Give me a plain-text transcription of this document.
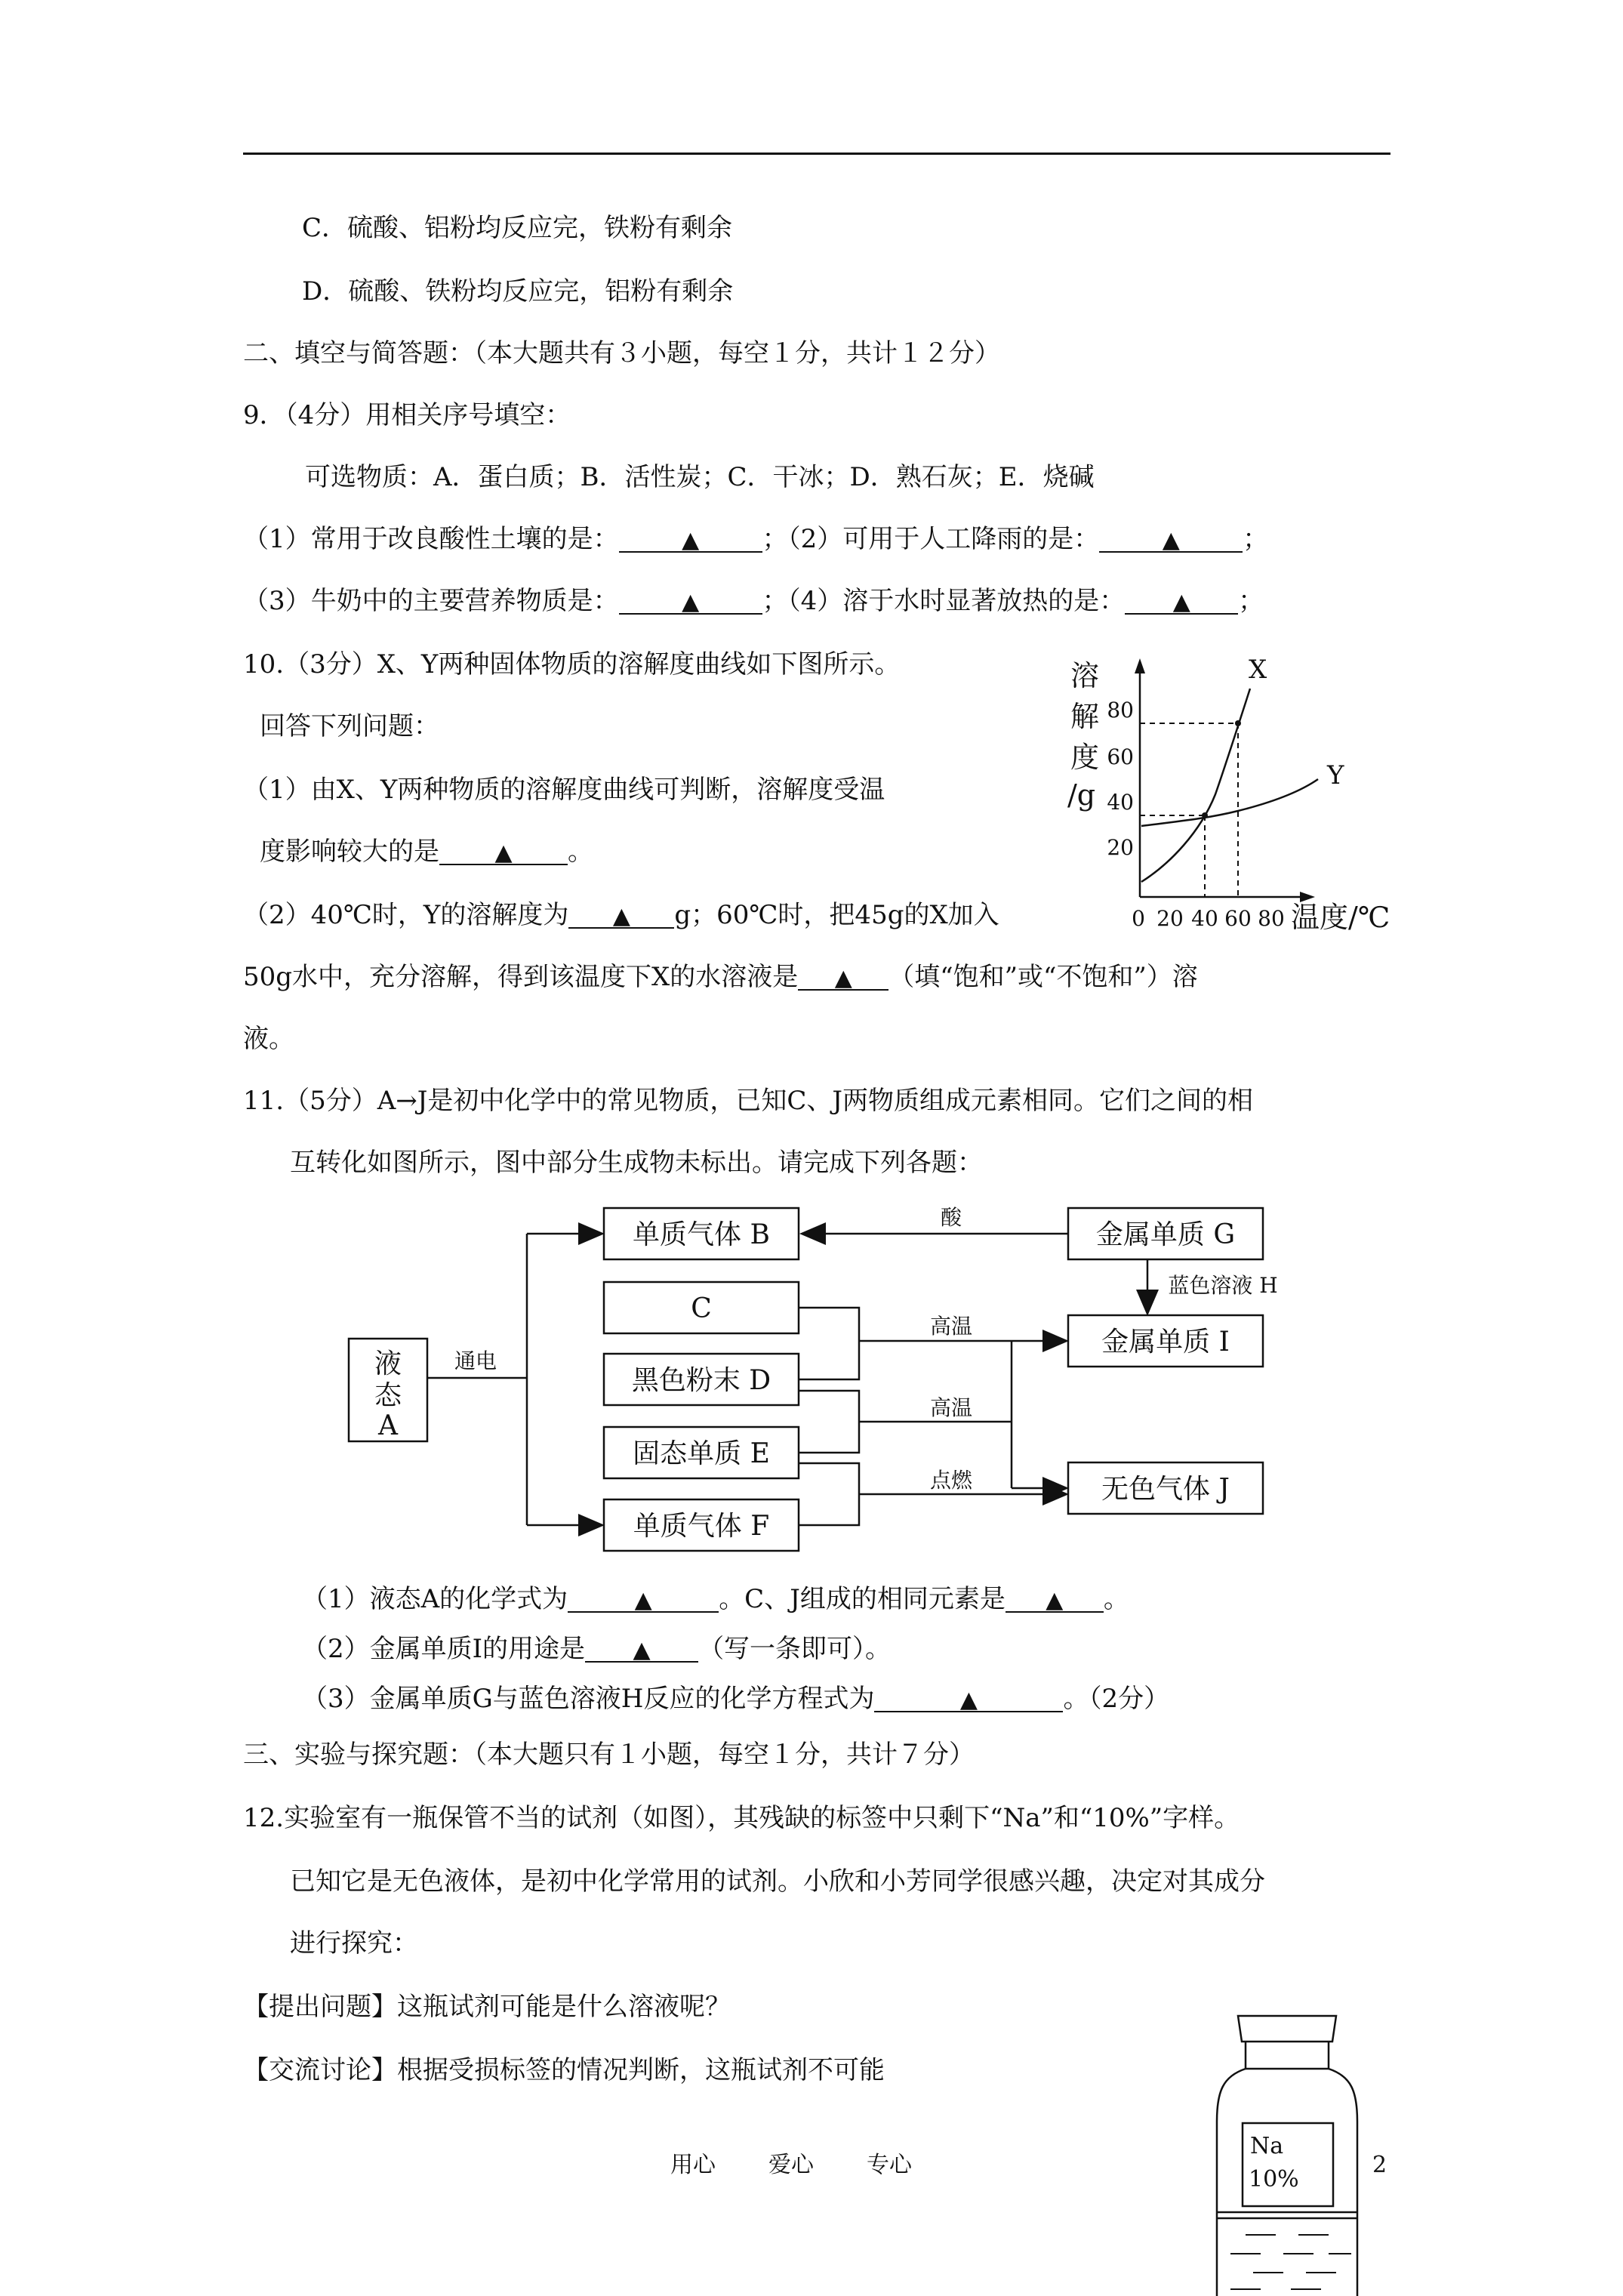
C．硫酸、铝粉均反应完，铁粉有剩余
D．硫酸、铁粉均反应完，铝粉有剩余
二、填空与简答题：（本大题共有３小题，每空１分，共计１２分）
9．（4分）用相关序号填空：
可选物质：A．蛋白质；B．活性炭；C．干冰；D．熟石灰；E．烧碱
（1）常用于改良酸性土壤的是：	▲ ；（2）可用于人工降雨的是：	▲ ；
（3）牛奶中的主要营养物质是：	▲ ；（4）溶于水时显著放热的是： ▲ ；
10.（3分）X、Y两种固体物质的溶解度曲线如下图所示。
回答下列问题：
（1）由X、Y两种物质的溶解度曲线可判断，溶解度受温
度影响较大的是 ▲ 。
（2）40℃时，Y的溶解度为 ▲ g；60℃时，把45g的X加入
50g水中，充分溶解，得到该温度下X的水溶液是 ▲ （填“饱和”或“不饱和”）溶
液。
溶
解
度
/g
20
40
60
80
0 20 40 60 80 温度/℃
X
Y
11.（5分）A→J是初中化学中的常见物质，已知C、J两物质组成元素相同。它们之间的相
互转化如图所示，图中部分生成物未标出。请完成下列各题：
液
态
A
单质气体 B
C
黑色粉末 D
固态单质 E
单质气体 F
金属单质 G
金属单质 I
无色气体 J
通电
酸
高温
高温
点燃
蓝色溶液 H
（1）液态A的化学式为	▲	。C、J组成的相同元素是 ▲ 。
（2）金属单质I的用途是 ▲ （写一条即可）。
（3）金属单质G与蓝色溶液H反应的化学方程式为	▲	。（2分）
三、实验与探究题：（本大题只有１小题，每空１分，共计７分）
12.实验室有一瓶保管不当的试剂（如图），其残缺的标签中只剩下“Na”和“10%”字样。
已知它是无色液体，是初中化学常用的试剂。小欣和小芳同学很感兴趣，决定对其成分
进行探究：
【提出问题】这瓶试剂可能是什么溶液呢？
【交流讨论】根据受损标签的情况判断，这瓶试剂不可能
Na
10%
用心 爱心 专心	2
